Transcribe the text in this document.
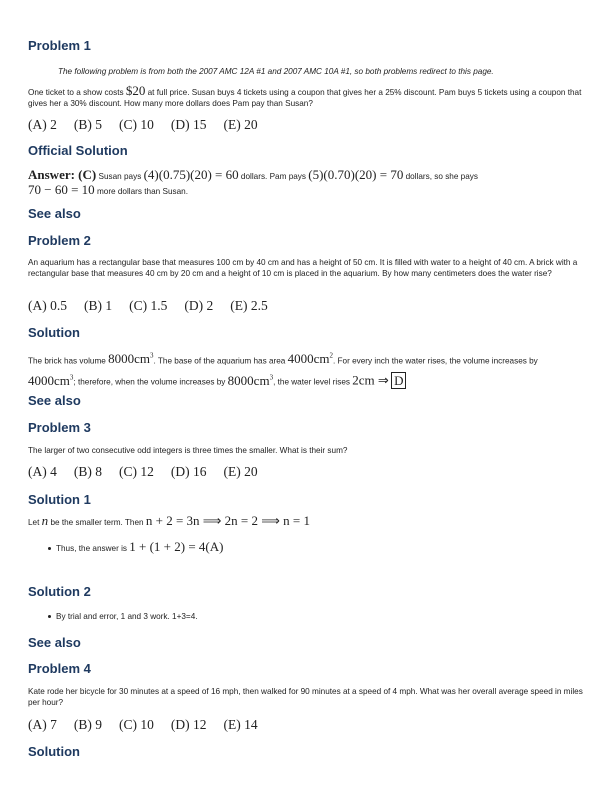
Problem 1
The following problem is from both the 2007 AMC 12A #1 and 2007 AMC 10A #1, so both problems redirect to this page.
One ticket to a show costs $20 at full price. Susan buys 4 tickets using a coupon that gives her a 25% discount. Pam buys 5 tickets using a coupon that gives her a 30% discount. How many more dollars does Pam pay than Susan?
(A) 2 (B) 5 (C) 10 (D) 15 (E) 20
Official Solution
Answer: (C) Susan pays (4)(0.75)(20) = 60 dollars. Pam pays (5)(0.70)(20) = 70 dollars, so she pays
70 − 60 = 10 more dollars than Susan.
See also
Problem 2
An aquarium has a rectangular base that measures 100 cm by 40 cm and has a height of 50 cm. It is filled with water to a height of 40 cm. A brick with a rectangular base that measures 40 cm by 20 cm and a height of 10 cm is placed in the aquarium. By how many centimeters does the water rise?
(A) 0.5 (B) 1 (C) 1.5 (D) 2 (E) 2.5
Solution
The brick has volume $8000cm^3$. The base of the aquarium has area $4000cm^2$. For every inch the water rises, the volume increases by
$4000cm^3$; therefore, when the volume increases by $8000cm^3$, the water level rises 2cm ⇒ D
See also
Problem 3
The larger of two consecutive odd integers is three times the smaller. What is their sum?
(A) 4 (B) 8 (C) 12 (D) 16 (E) 20
Solution 1
Let n be the smaller term. Then n + 2 = 3n ⟹ 2n = 2 ⟹ n = 1
Thus, the answer is 1 + (1 + 2) = 4(A)
Solution 2
By trial and error, 1 and 3 work. 1+3=4.
See also
Problem 4
Kate rode her bicycle for 30 minutes at a speed of 16 mph, then walked for 90 minutes at a speed of 4 mph. What was her overall average speed in miles per hour?
(A) 7 (B) 9 (C) 10 (D) 12 (E) 14
Solution
